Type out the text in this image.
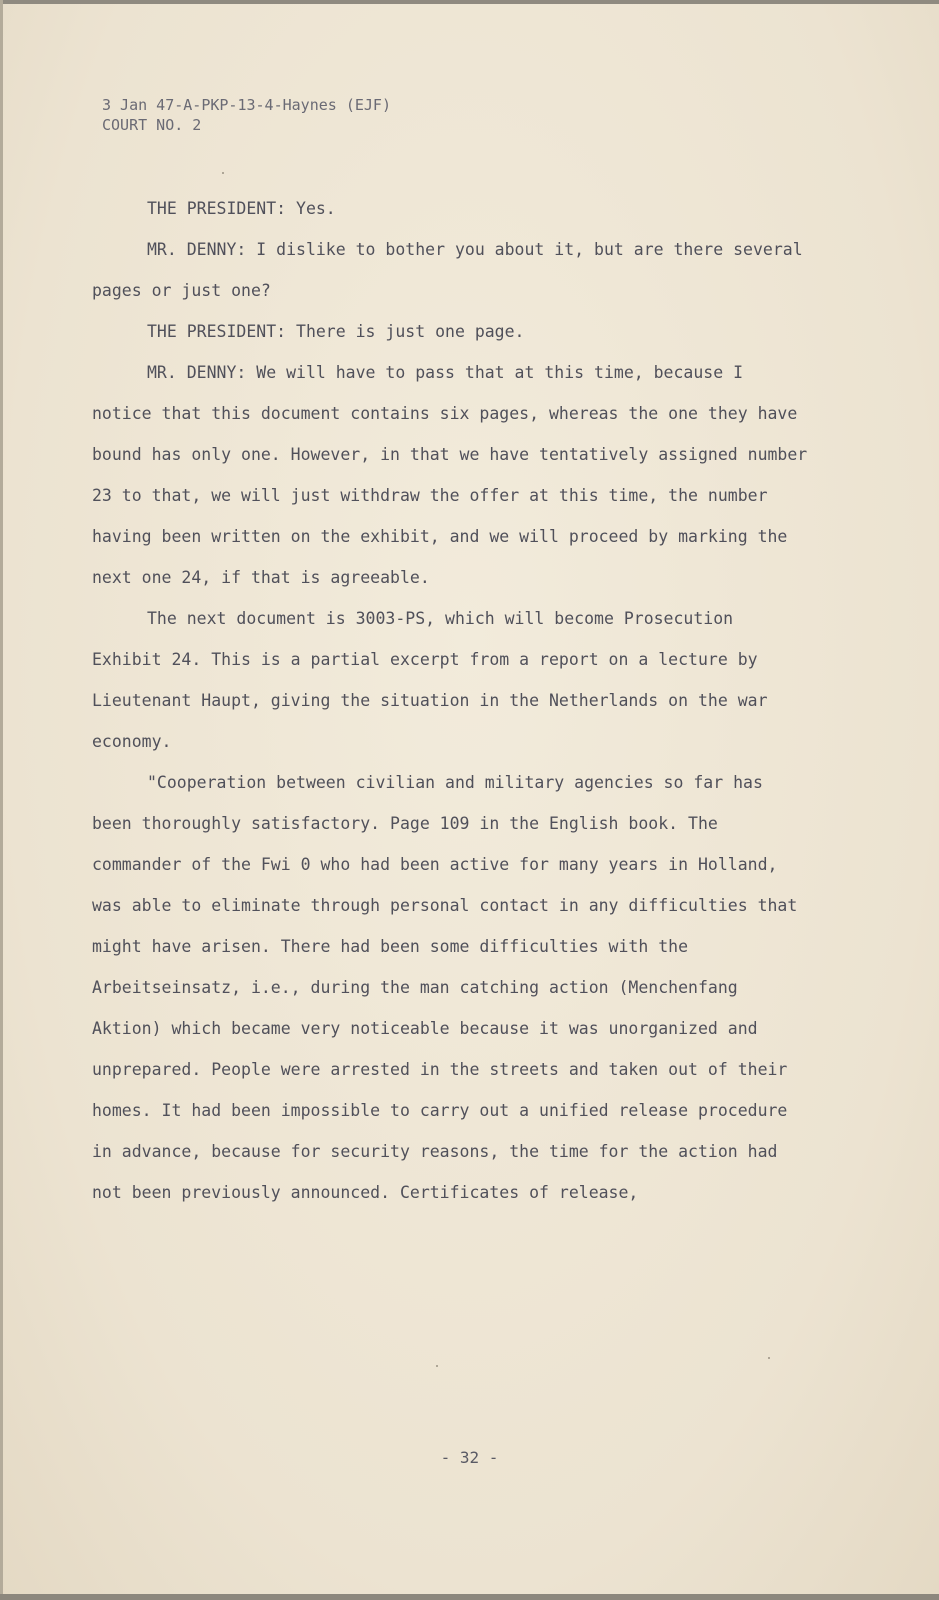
3 Jan 47-A-PKP-13-4-Haynes (EJF)
COURT NO. 2

THE PRESIDENT: Yes.

MR. DENNY: I dislike to bother you about it, but are there several pages or just one?

THE PRESIDENT: There is just one page.

MR. DENNY: We will have to pass that at this time, because I notice that this document contains six pages, whereas the one they have bound has only one. However, in that we have tentatively assigned number 23 to that, we will just withdraw the offer at this time, the number having been written on the exhibit, and we will proceed by marking the next one 24, if that is agreeable.

The next document is 3003-PS, which will become Prosecution Exhibit 24. This is a partial excerpt from a report on a lecture by Lieutenant Haupt, giving the situation in the Netherlands on the war economy.

"Cooperation between civilian and military agencies so far has been thoroughly satisfactory. Page 109 in the English book. The commander of the Fwi 0 who had been active for many years in Holland, was able to eliminate through personal contact in any difficulties that might have arisen. There had been some difficulties with the Arbeitseinsatz, i.e., during the man catching action (Menchenfang Aktion) which became very noticeable because it was unorganized and unprepared. People were arrested in the streets and taken out of their homes. It had been impossible to carry out a unified release procedure in advance, because for security reasons, the time for the action had not been previously announced. Certificates of release,

- 32 -
